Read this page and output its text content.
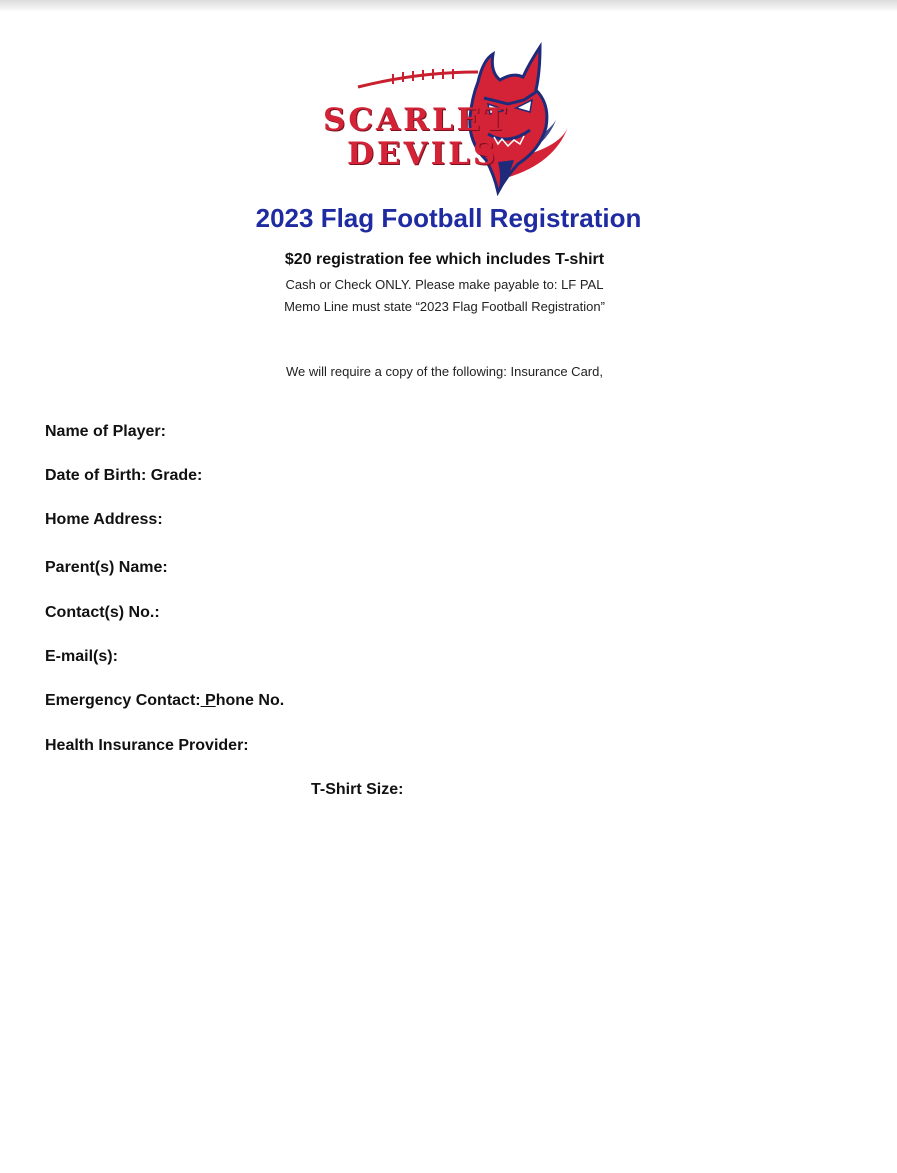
SCARLET
DEVILS
2023 Flag Football Registration
$20 registration fee which includes T-shirt
Cash or Check ONLY. Please make payable to: LF PAL
Memo Line must state “2023 Flag Football Registration”
We will require a copy of the following: Insurance Card,
Name of Player:
Date of Birth: Grade:
Home Address:
Parent(s) Name:
Contact(s) No.:
E-mail(s):
Emergency Contact: Phone No.
Health Insurance Provider:
T-Shirt Size:
